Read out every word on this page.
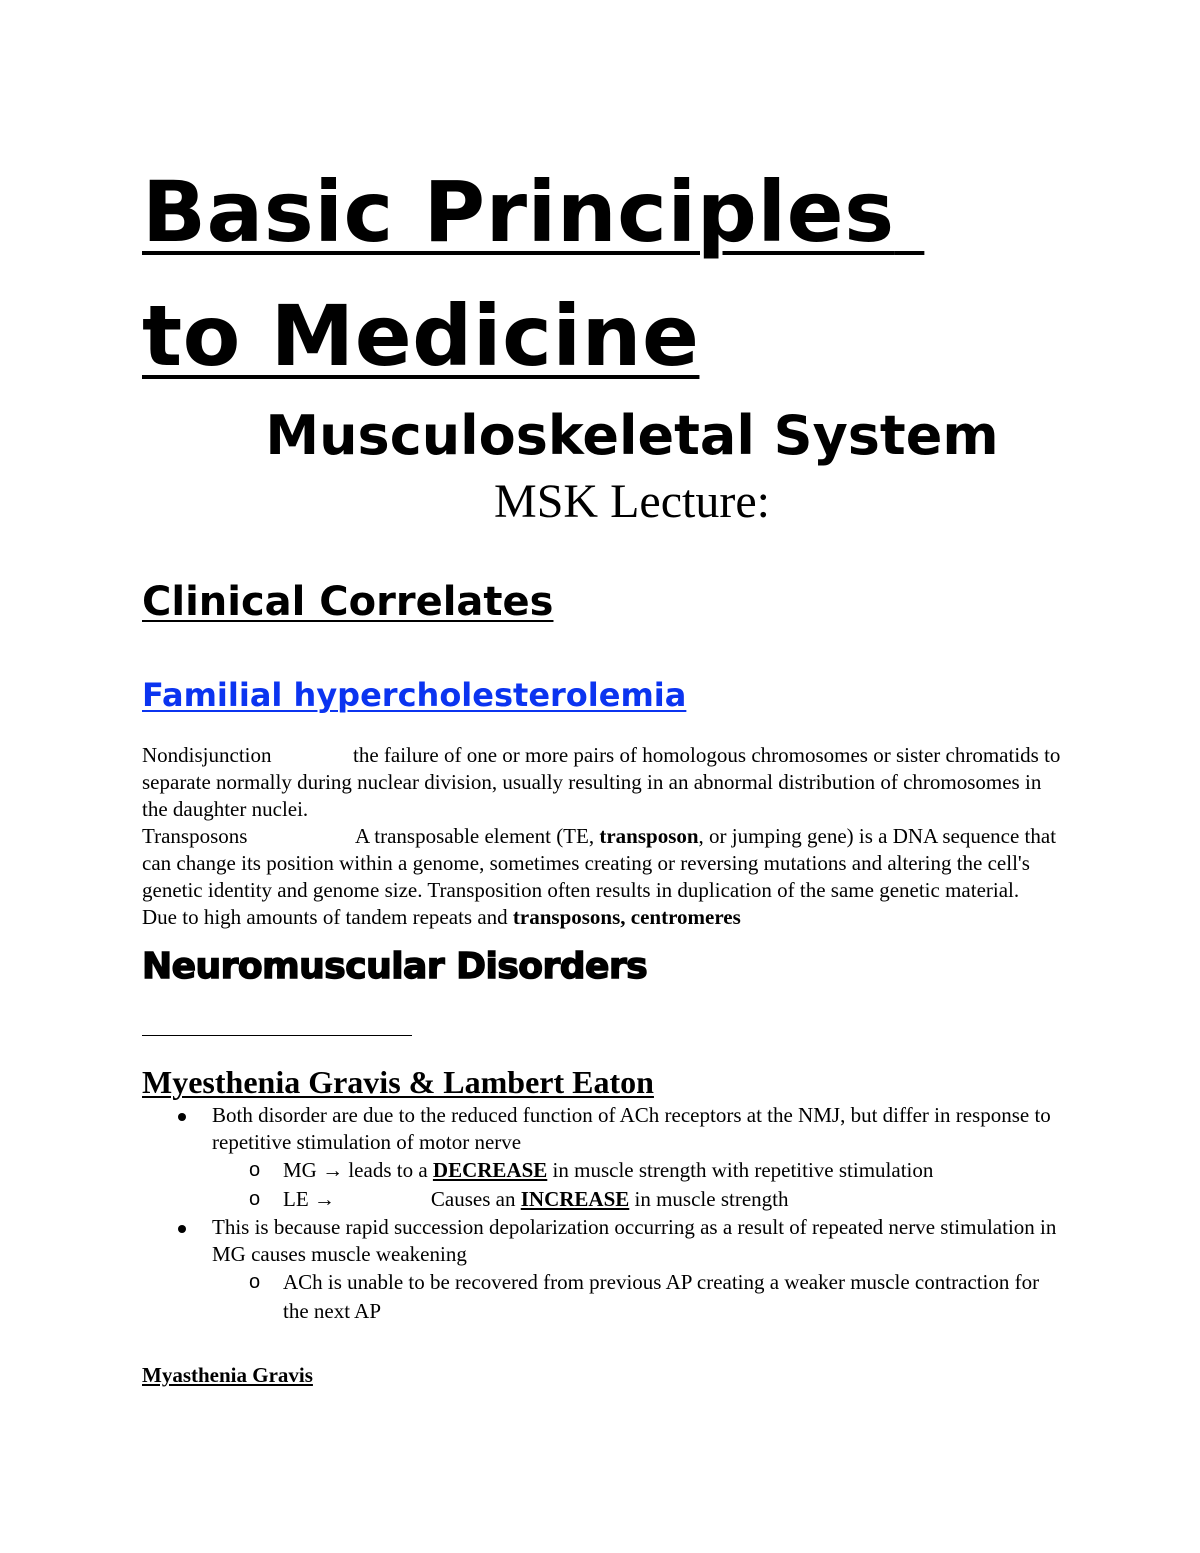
Basic Principles
to Medicine

Musculoskeletal System

MSK Lecture:

Clinical Correlates
Familial hypercholesterolemia

Nondisjunction	the failure of one or more pairs of homologous chromosomes or sister chromatids to separate normally during nuclear division, usually resulting in an abnormal distribution of chromosomes in the daughter nuclei.

Transposons	A transposable element (TE, transposon, or jumping gene) is a DNA sequence that can change its position within a genome, sometimes creating or reversing mutations and altering the cell's genetic identity and genome size. Transposition often results in duplication of the same genetic material.

Due to high amounts of tandem repeats and transposons, centromeres

Neuromuscular Disorders
Myesthenia Gravis & Lambert Eaton
Both disorder are due to the reduced function of ACh receptors at the NMJ, but differ in response to repetitive stimulation of motor nerve
o MG → leads to a DECREASE in muscle strength with repetitive stimulation
o LE →	Causes an INCREASE in muscle strength
This is because rapid succession depolarization occurring as a result of repeated nerve stimulation in MG causes muscle weakening
o ACh is unable to be recovered from previous AP creating a weaker muscle contraction for the next AP

Myasthenia Gravis
